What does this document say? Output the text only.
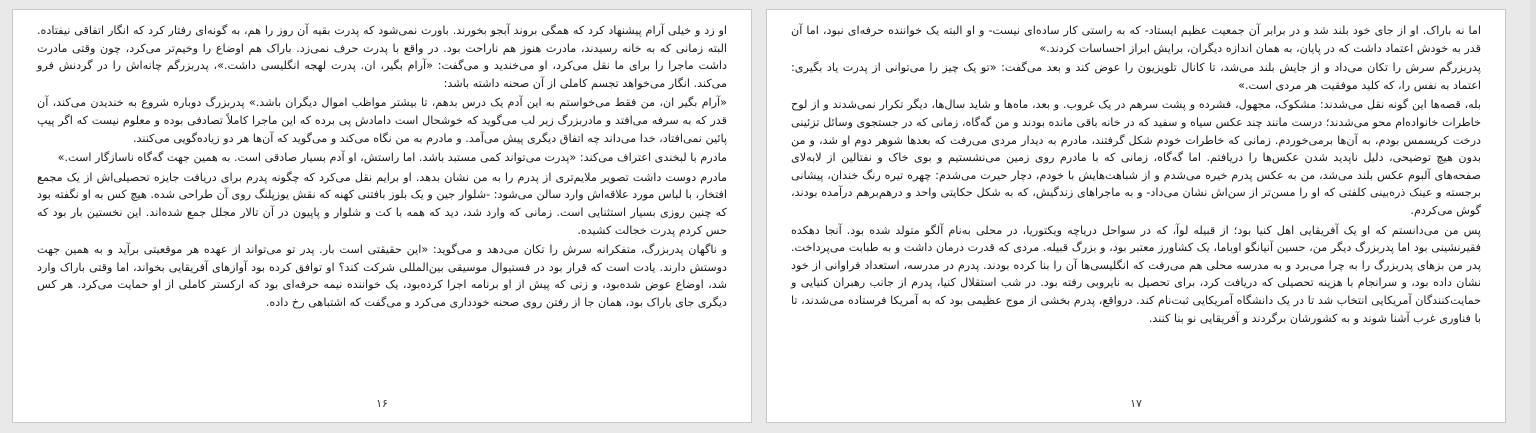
او زد و خیلی آرام پیشنهاد کرد که همگی بروند آبجو بخورند. باورت نمی‌شود که پدرت بقیه آن روز را هم، به گونه‌ای رفتار کرد که انگار اتفاقی نیفتاده. البته زمانی که به خانه رسیدند، مادرت هنوز هم ناراحت بود. در واقع با پدرت حرف نمی‌زد. باراک هم اوضاع را وخیم‌تر می‌کرد، چون وقتی مادرت داشت ماجرا را برای ما نقل می‌کرد، او می‌خندید و می‌گفت: «آرام بگیر، ان. پدرت لهجه انگلیسی داشت.»، پدربزرگم چانه‌اش را در گردنش فرو می‌کند. انگار می‌خواهد تجسم کاملی از آن صحنه داشته باشد:

«آرام بگیر ان، من فقط می‌خواستم به این آدم یک درس بدهم، تا بیشتر مواظب اموال دیگران باشد.» پدربزرگ دوباره شروع به خندیدن می‌کند، آن قدر که به سرفه می‌افتد و مادربزرگ زیر لب می‌گوید که خوشحال است داماد‌ش پی برده که این ماجرا کاملاً تصادفی بوده و معلوم نیست که اگر پیپ پائین نمی‌افتاد، خدا می‌داند چه اتفاق دیگری پیش می‌آمد. و مادرم به من نگاه می‌کند و می‌گوید که آن‌ها هر دو زیاده‌گویی می‌کنند.

مادرم با لبخندی اعتراف می‌کند: «پدرت می‌تواند کمی مستبد باشد. اما راستش، او آدم بسیار صادقی است. به همین جهت گه‌گاه ناسازگار است.»

مادرم دوست داشت تصویر ملایم‌تری از پدرم را به من نشان بدهد. او برایم نقل می‌کرد که چگونه پدرم برای دریافت جایزه تحصیلی‌اش از یک مجمع افتخار، با لباس مورد علاقه‌اش وارد سالن می‌شود: -شلوار جین و یک بلوز بافتنی کهنه که نقش یوزپلنگ روی آن طراحی شده. هیچ کس به او نگفته بود که چنین روزی بسیار استثنایی است. زمانی که وارد شد، دید که همه با کت و شلوار و پاپیون در آن تالار مجلل جمع شده‌اند. این نخستین بار بود که حس کردم پدرت خجالت کشیده.

و ناگهان پدربزرگ، متفکرانه سرش را تکان می‌دهد و می‌گوید: «این حقیقتی است بار. پدر تو می‌تواند از عهده هر موقعیتی برآید و به همین جهت دوستش دارند. یادت است که قرار بود در فستیوال موسیقی بین‌المللی شرکت کند؟ او توافق کرده بود آوازهای آفریقایی بخواند، اما وقتی باراک وارد شد، اوضاع عوض شده‌بود، و زنی که پیش از او برنامه اجرا کرده‌بود، یک خواننده نیمه حرفه‌ای بود که ارکستر کاملی از او حمایت می‌کرد. هر کس دیگری جای باراک بود، همان جا از رفتن روی صحنه خودداری می‌کرد و می‌گفت که اشتباهی رخ داده.

۱۶

اما نه باراک. او از جای خود بلند شد و در برابر آن جمعیت عظیم ایستاد- که به راستی کار ساده‌ای نیست- و او البته یک خواننده حرفه‌ای نبود، اما آن قدر به خودش اعتماد داشت که در پایان، به همان اندازه دیگران، برایش ابراز احساسات کردند.»

پدربزرگم سرش را تکان می‌داد و از جایش بلند می‌شد، تا کانال تلویزیون را عوض کند و بعد می‌گفت: «تو یک چیز را می‌توانی از پدرت یاد بگیری: اعتماد به نفس را، که کلید موفقیت هر مردی است.»

بله، قصه‌ها این گونه نقل می‌شدند: مشکوک، مجهول، فشرده و پشت سرهم در یک غروب. و بعد، ماه‌ها و شاید سال‌ها، دیگر تکرار نمی‌شدند و از لوح خاطرات خانواده‌ام محو می‌شدند؛ درست مانند چند عکس سیاه و سفید که در خانه باقی مانده بودند و من گه‌گاه، زمانی که در جستجوی وسائل تزئینی درخت کریسمس بودم، به آن‌ها برمی‌خوردم. زمانی که خاطرات خودم شکل گرفتند، مادرم به دیدار مردی می‌رفت که بعدها شوهر دوم او شد، و من بدون هیچ توضیحی، دلیل ناپدید شدن عکس‌ها را دریافتم. اما گه‌گاه، زمانی که با مادرم روی زمین می‌نشستیم و بوی خاک و نفتالین از لابه‌لای صفحه‌های آلبوم عکس بلند می‌شد، من به عکس پدرم خیره می‌شدم و از شباهت‌هایش با خودم، دچار حیرت می‌شدم: چهره تیره رنگ خندان، پیشانی برجسته و عینک ذره‌بینی کلفتی که او را مسن‌تر از سن‌اش نشان می‌داد- و به ماجراهای زندگیش، که به شکل حکایتی واحد و درهم‌برهم درآمده بودند، گوش می‌کردم.

پس من می‌دانستم که او یک آفریقایی اهل کنیا بود؛ از قبیله لوآ، که در سواحل دریاچه ویکتوریا، در محلی به‌نام آلگو متولد شده بود. آنجا دهکده فقیرنشینی بود اما پدربزرگ دیگر من، حسین آنیانگو اوباما، یک کشاورز معتبر بود، و بزرگ قبیله. مردی که قدرت درمان داشت و به طبابت می‌پرداخت. پدر من بزهای پدربزرگ را به چرا می‌برد و به مدرسه محلی هم می‌رفت که انگلیسی‌ها آن را بنا کرده بودند. پدرم در مدرسه، استعداد فراوانی از خود نشان داده بود، و سرانجام با هزینه تحصیلی که دریافت کرد، برای تحصیل به نایروبی رفته بود. در شب استقلال کنیا، پدرم از جانب رهبران کنیایی و حمایت‌کنندگان آمریکایی انتخاب شد تا در یک دانشگاه آمریکایی ثبت‌نام کند. درواقع، پدرم بخشی از موج عظیمی بود که به آمریکا فرستاده می‌شدند، تا با فناوری غرب آشنا شوند و به کشورشان برگردند و آفریقایی نو بنا کنند.

۱۷
